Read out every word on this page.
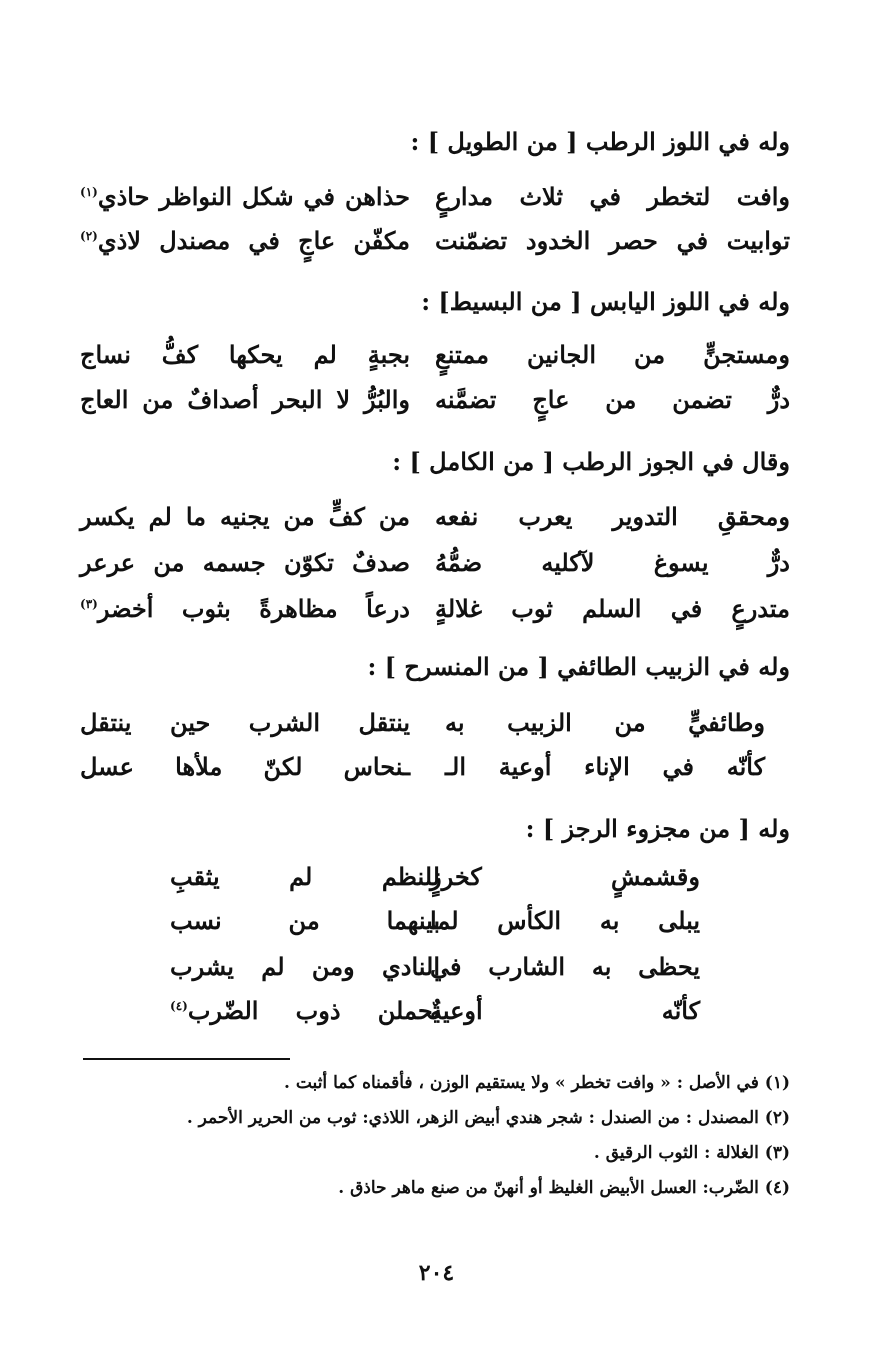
وله في اللوز الرطب [ من الطويل ] :
وافت لتخطر في ثلاث مدارعٍ
حذاهن في شكل النواظر حاذي$^{(١)}$
توابيت في حصر الخدود تضمّنت
مكفّن عاجٍ في مصندل لاذي$^{(٢)}$
وله في اللوز اليابس [ من البسيط] :
ومستجنٍّ من الجانين ممتنعٍ
بجبةٍ لم يحكها كفُّ نساج
درٌّ تضمن من عاجٍ تضمَّنه
والبُرُّ لا البحر أصدافٌ من العاج
وقال في الجوز الرطب [ من الكامل ] :
ومحققِ التدوير يعرب نفعه
من كفٍّ من يجنيه ما لم يكسر
درٌّ يسوغ لآكليه ضمُّهُ
صدفٌ تكوّن جسمه من عرعر
متدرعٍ في السلم ثوب غلالةٍ
درعاً مظاهرةً بثوب أخضر$^{(٣)}$
وله في الزبيب الطائفي [ من المنسرح ] :
وطائفيٍّ من الزبيب به
ينتقل الشرب حين ينتقل
كأنّه في الإناء أوعية الـ
ـنحاس لكنّ ملأها عسل
وله [ من مجزوء الرجز ] :
وقشمشٍ كخرزٍ
للنظم لم يثقبِ
يبلى به الكأس لما
بينهما من نسب
يحظى به الشارب في
النادي ومن لم يشرب
كأنّه أوعيةٌ
يحملن ذوب الضّرب$^{(٤)}$
(١) في الأصل : « وافت تخطر » ولا يستقيم الوزن ، فأقمناه كما أثبت .
(٢) المصندل : من الصندل : شجر هندي أبيض الزهر، اللاذي: ثوب من الحرير الأحمر .
(٣) الغلالة : الثوب الرقيق .
(٤) الضّرب: العسل الأبيض الغليظ أو أنهنّ من صنع ماهر حاذق .
٢٠٤
